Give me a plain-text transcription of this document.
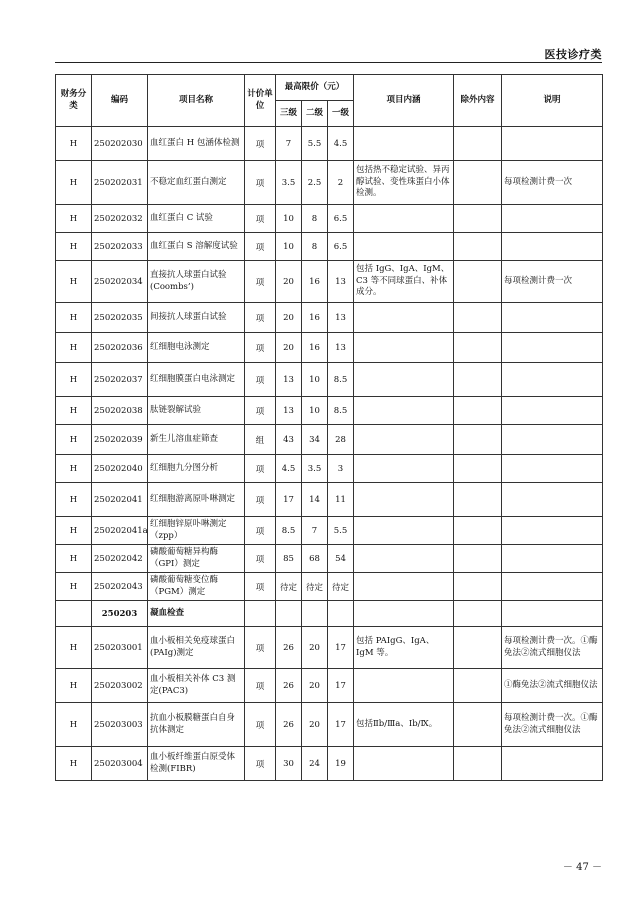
医技诊疗类
财务分类	编码	项目名称	计价单位	最高限价（元）			项目内涵	除外内容	说明
				三级	二级	一级			
H	250202030	血红蛋白 H 包涵体检测	项	7	5.5	4.5			
H	250202031	不稳定血红蛋白测定	项	3.5	2.5	2	包括热不稳定试验、异丙醇试验、变性珠蛋白小体检测。		每项检测计费一次
H	250202032	血红蛋白 C 试验	项	10	8	6.5			
H	250202033	血红蛋白 S 溶解度试验	项	10	8	6.5			
H	250202034	直接抗人球蛋白试验(Coombs’)	项	20	16	13	包括 IgG、IgA、IgM、C3 等不同球蛋白、补体成分。		每项检测计费一次
H	250202035	间接抗人球蛋白试验	项	20	16	13			
H	250202036	红细胞电泳测定	项	20	16	13			
H	250202037	红细胞膜蛋白电泳测定	项	13	10	8.5			
H	250202038	肽链裂解试验	项	13	10	8.5			
H	250202039	新生儿溶血症筛查	组	43	34	28			
H	250202040	红细胞九分图分析	项	4.5	3.5	3			
H	250202041	红细胞游离原卟啉测定	项	17	14	11			
H	250202041a	红细胞锌原卟啉测定（zpp）	项	8.5	7	5.5			
H	250202042	磷酸葡萄糖异构酶（GPI）测定	项	85	68	54			
H	250202043	磷酸葡萄糖变位酶（PGM）测定	项	待定	待定	待定			
	250203	凝血检查							
H	250203001	血小板相关免疫球蛋白(PAIg)测定	项	26	20	17	包括 PAIgG、IgA、IgM 等。		每项检测计费一次。①酶免法②流式细胞仪法
H	250203002	血小板相关补体 C3 测定(PAC3)	项	26	20	17			①酶免法②流式细胞仪法
H	250203003	抗血小板膜糖蛋白自身抗体测定	项	26	20	17	包括Ⅱb/Ⅲa、Ⅰb/Ⅸ。		每项检测计费一次。①酶免法②流式细胞仪法
H	250203004	血小板纤维蛋白原受体检测(FIBR)	项	30	24	19			
－ 47 －
